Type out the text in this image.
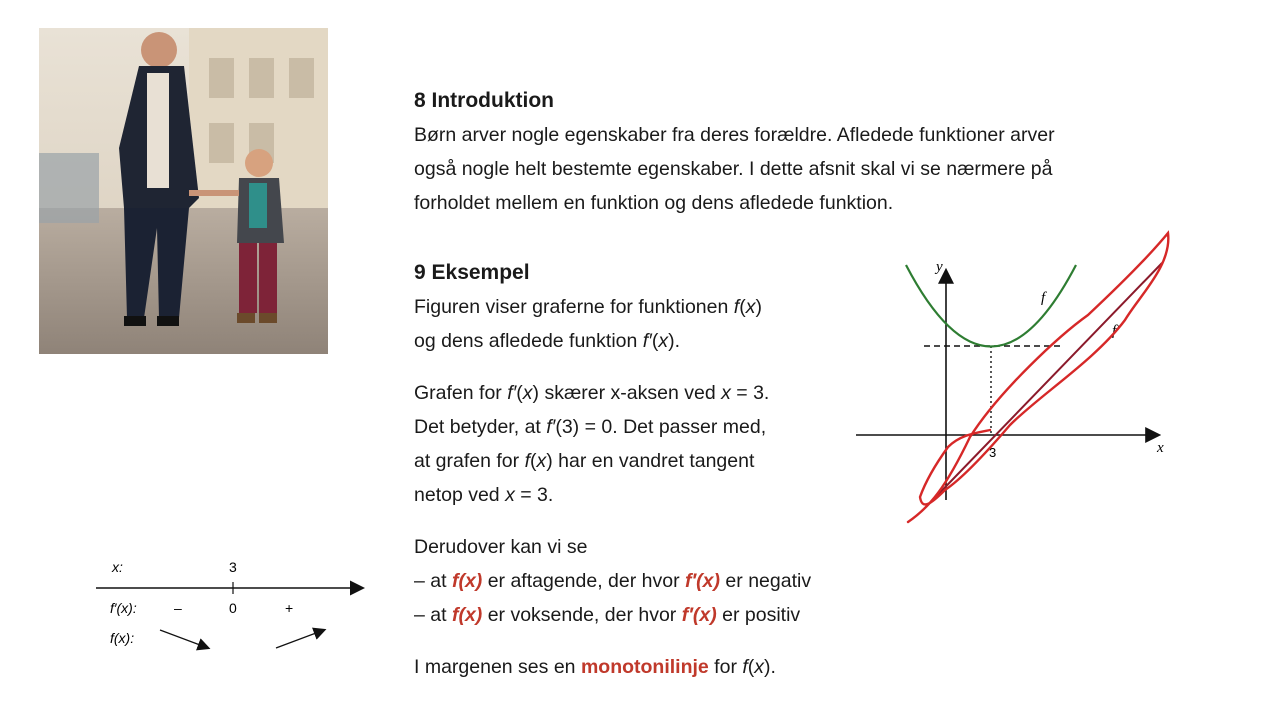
8 Introduktion
Børn arver nogle egenskaber fra deres forældre. Afledede funktioner arver
også nogle helt bestemte egenskaber. I dette afsnit skal vi se nærmere på
forholdet mellem en funktion og dens afledede funktion.
9 Eksempel
Figuren viser graferne for funktionen f(x)
og dens afledede funktion f′(x).
Grafen for f′(x) skærer x-aksen ved x = 3.
Det betyder, at f′(3) = 0. Det passer med,
at grafen for f(x) har en vandret tangent
netop ved x = 3.
Derudover kan vi se
– at f(x) er aftagende, der hvor f′(x) er negativ
– at f(x) er voksende, der hvor f′(x) er positiv
I margenen ses en monotonilinje for f(x).
y
x
3
f
f′
x:	3
f′(x):	–	0	+
f(x):
